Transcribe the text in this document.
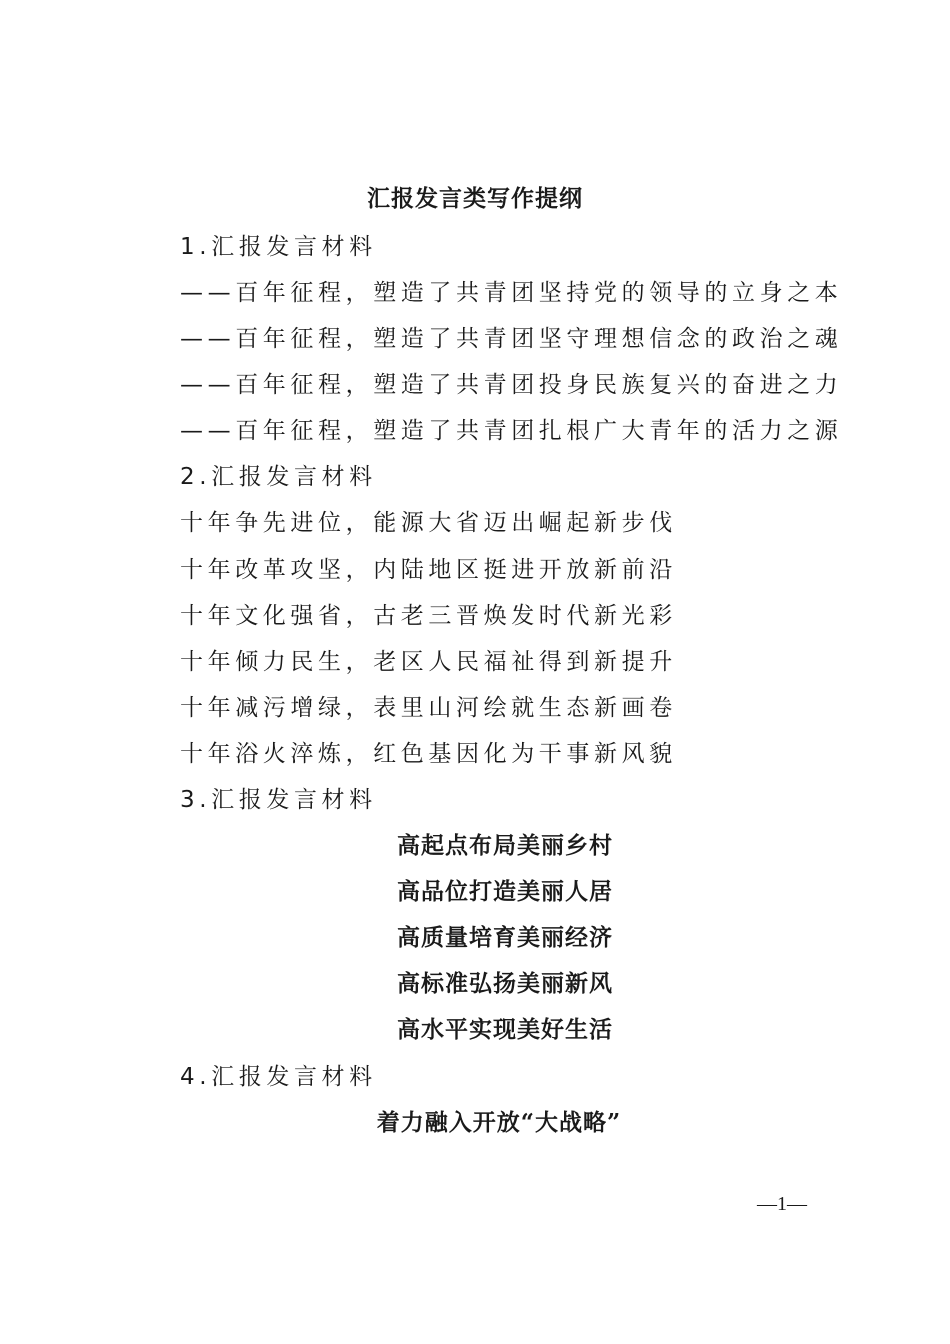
汇报发言类写作提纲
1.汇报发言材料
——百年征程，塑造了共青团坚持党的领导的立身之本
——百年征程，塑造了共青团坚守理想信念的政治之魂
——百年征程，塑造了共青团投身民族复兴的奋进之力
——百年征程，塑造了共青团扎根广大青年的活力之源
2.汇报发言材料
十年争先进位，能源大省迈出崛起新步伐
十年改革攻坚，内陆地区挺进开放新前沿
十年文化强省，古老三晋焕发时代新光彩
十年倾力民生，老区人民福祉得到新提升
十年减污增绿，表里山河绘就生态新画卷
十年浴火淬炼，红色基因化为干事新风貌
3.汇报发言材料
高起点布局美丽乡村
高品位打造美丽人居
高质量培育美丽经济
高标准弘扬美丽新风
高水平实现美好生活
4.汇报发言材料
着力融入开放“大战略”
—1—
